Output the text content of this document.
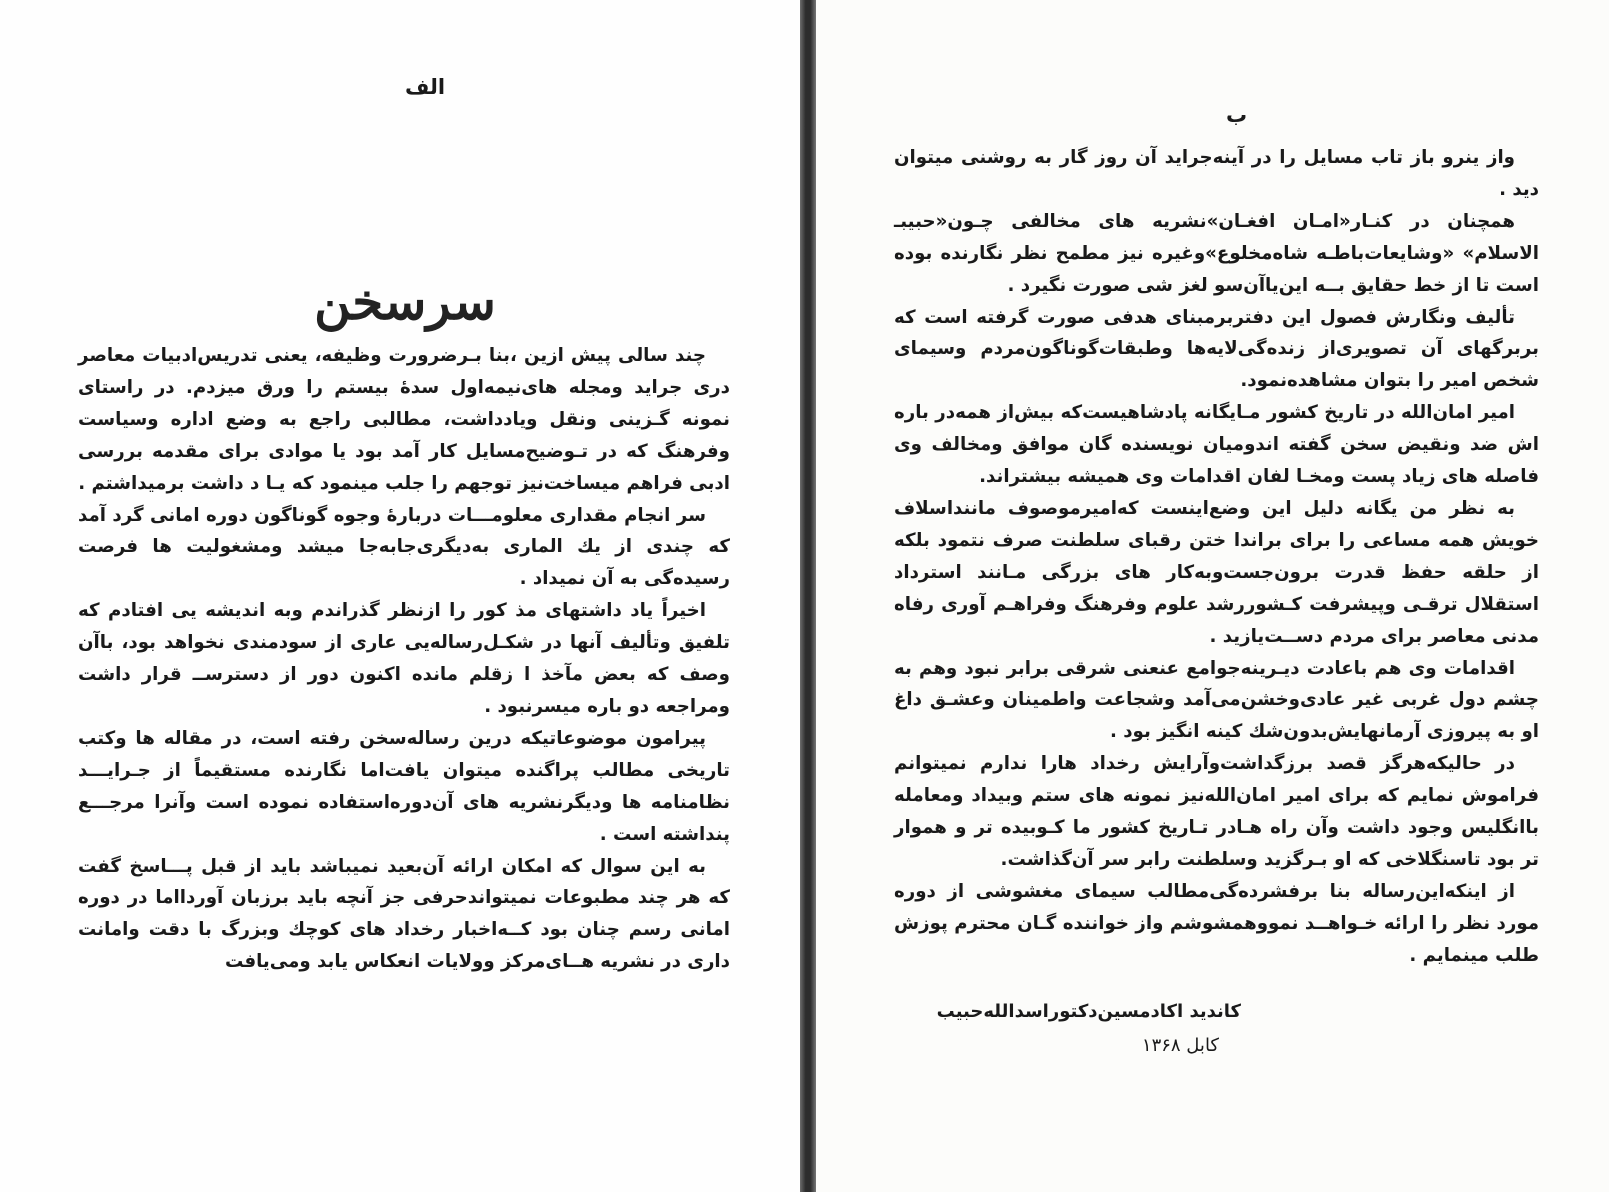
الف
سرسخن

چند سالی پیش ازین ،بنا بـرضرورت وظیفه، یعنی تدریس‌ادبیات معاصر دری جراید ومجله های‌نیمه‌اول سدهٔ بیستم را ورق میزدم. در راستای نمونه گـزینی ونقل ویادداشت، مطالبی راجع به وضع اداره وسیاست وفرهنگ که در تـوضیح‌مسایل کار آمد بود یا موادی برای مقدمه بررسی ادبی فراهم میساخت‌نیز توجهم را جلب مینمود که یـا د داشت برمیداشتم .

سر انجام مقداری معلومـــات دربارهٔ وجوه گوناگون دوره امانی گرد آمد که چندی از یك الماری به‌دیگری‌جابه‌جا میشد ومشغولیت ها فرصت رسیده‌گی به آن نمیداد .

اخیراً یاد داشتهای مذ کور را ازنظر گذراندم وبه اندیشه یی افتادم که تلفیق وتألیف آنها در شکـل‌رساله‌یی عاری از سودمندی نخواهد بود، باآن وصف که بعض مآخذ ا زقلم مانده اکنون دور از دسترســ قرار داشت ومراجعه دو باره میسرنبود .

پیرامون موضوعاتیکه درین رساله‌سخن رفته است، در مقاله ها وکتب تاریخی مطالب پراگنده میتوان یافت‌اما نگارنده مستقیماً از جـرایـــد نظامنامه ها ودیگرنشریه های آن‌دوره‌استفاده نموده است وآنرا مرجـــع پنداشته است .

به این سوال که امکان ارائه آن‌بعید نمیباشد باید از قبل پـــاسخ گفت که هر چند مطبوعات نمیتواند‌حرفی جز آنچه باید برزبان آوردااما در دوره امانی رسم چنان بود کــه‌اخبار رخداد های کوچك وبزرگ با دقت وامانت داری در نشریه هــای‌مرکز وولایات انعکاس یابد ومی‌یافت

ب

واز ینرو باز تاب مسایل را در آینه‌جراید آن روز گار به روشنی میتوان دید .

همچنان در کنـار‌«امـان افغـان»نشریه های مخالفی چـون«حبیبـ الاسلام» «وشایعات‌باطـه شاه‌مخلوع»وغیره نیز مطمح نظر نگارنده بوده است تا از خط حقایق بــه این‌یاآن‌سو لغز شی صورت نگیرد .

تألیف ونگارش فصول این دفتربرمبنای هدفی صورت گرفته است که بربرگهای آن تصویری‌از زنده‌گی‌لایه‌ها وطبقات‌گوناگون‌مردم وسیمای شخص امیر را بتوان مشاهده‌نمود.

امیر امان‌الله در تاریخ کشور مـایگانه پادشاهیست‌که بیش‌از همه‌در باره اش ضد ونقیض سخن گفته اندومیان نویسنده گان موافق ومخالف وی فاصله های زیاد پست ومخـا لفان اقدامات وی همیشه بیشترا‌ند.

به نظر من یگانه دلیل این وضع‌اینست که‌امیرموصوف مانند‌اسلاف خویش همه مساعی را برای براندا ختن رقبای سلطنت صرف نتمود بلکه از حلقه حفظ قدرت برون‌جست‌وبه‌کار های بزرگی مـانند استرداد استقلال ترقـی وپیشرفت کـشوررشد علوم وفرهنگ وفراهـم آوری رفاه مدنی معاصر برای مردم دســت‌یازید .

اقدامات وی هم باعادت دیـرینه‌جوامع عنعنی شرقی برابر نبود وهم به چشم دول غربی غیر عادی‌وخشن‌می‌آمد وشجاعت واطمینان وعشـق داغ او به پیروزی آرمانهایش‌بدون‌شك کینه انگیز بود .

در حالیکه‌هرگز قصد برزگداشت‌وآرایش رخداد هارا ندارم نمیتوانم فراموش نمایم که برای امیر امان‌الله‌نیز نمونه های ستم وبیداد ومعامله باانگلیس وجود داشت وآن راه هـادر تـاریخ کشور ما کـوبیده تر و هموار تر بود تاسنگلاخی که او بـرگزید وسلطنت رابر سر آن‌گذاشت.

از اینکه‌این‌رساله بنا برفشرده‌گی‌مطالب سیمای مغشوشی از دوره مورد نظر را ارائه خـواهــد نمووهمشوشم واز خواننده گـان محترم پوزش طلب مینمایم .

کاندید اکادمسین‌دکتوراسدالله‌حبیب
کابل ۱۳۶۸
